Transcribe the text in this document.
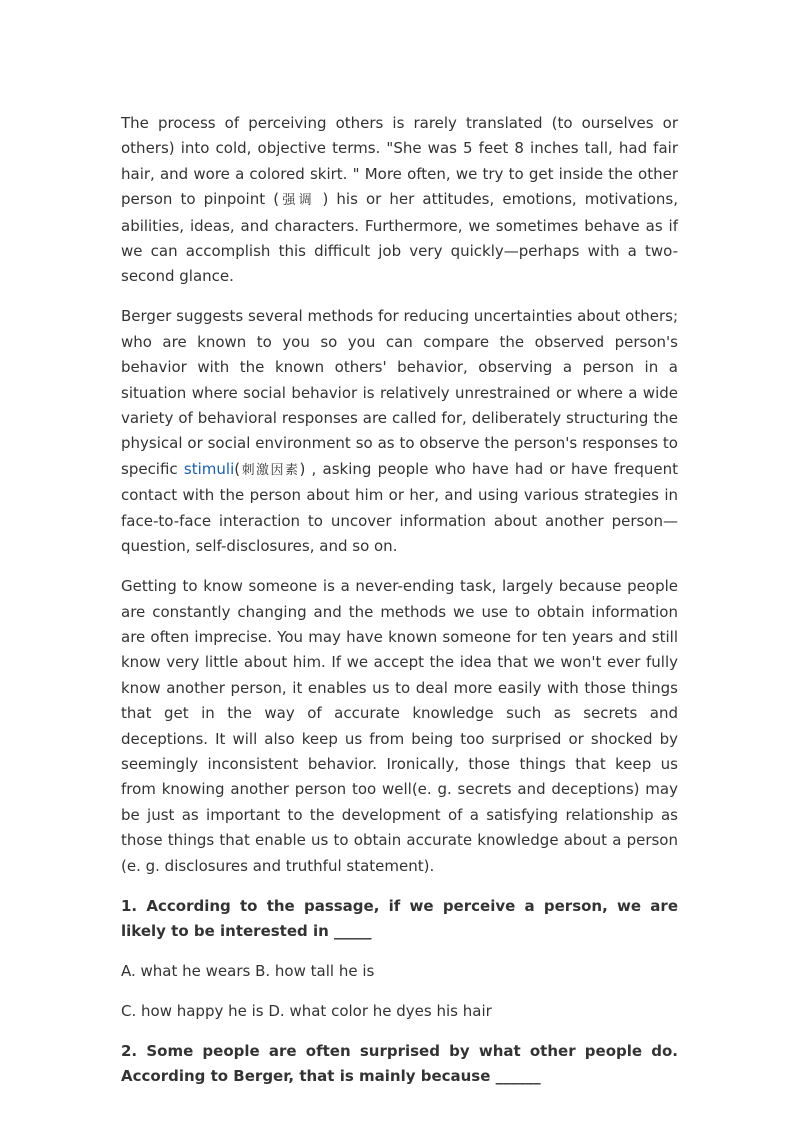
The process of perceiving others is rarely translated (to ourselves or others) into cold, objective terms. "She was 5 feet 8 inches tall, had fair hair, and wore a colored skirt. " More often, we try to get inside the other person to pinpoint (强调 ) his or her attitudes, emotions, motivations, abilities, ideas, and characters. Furthermore, we sometimes behave as if we can accomplish this difficult job very quickly—perhaps with a two-second glance.

Berger suggests several methods for reducing uncertainties about others; who are known to you so you can compare the observed person's behavior with the known others' behavior, observing a person in a situation where social behavior is relatively unrestrained or where a wide variety of behavioral responses are called for, deliberately structuring the physical or social environment so as to observe the person's responses to specific stimuli(刺激因素) , asking people who have had or have frequent contact with the person about him or her, and using various strategies in face-to-face interaction to uncover information about another person—question, self-disclosures, and so on.

Getting to know someone is a never-ending task, largely because people are constantly changing and the methods we use to obtain information are often imprecise. You may have known someone for ten years and still know very little about him. If we accept the idea that we won't ever fully know another person, it enables us to deal more easily with those things that get in the way of accurate knowledge such as secrets and deceptions. It will also keep us from being too surprised or shocked by seemingly inconsistent behavior. Ironically, those things that keep us from knowing another person too well(e. g. secrets and deceptions) may be just as important to the development of a satisfying relationship as those things that enable us to obtain accurate knowledge about a person (e. g. disclosures and truthful statement).

1. According to the passage, if we perceive a person, we are likely to be interested in _____

A. what he wears B. how tall he is

C. how happy he is D. what color he dyes his hair

2. Some people are often surprised by what other people do. According to Berger, that is mainly because ______
